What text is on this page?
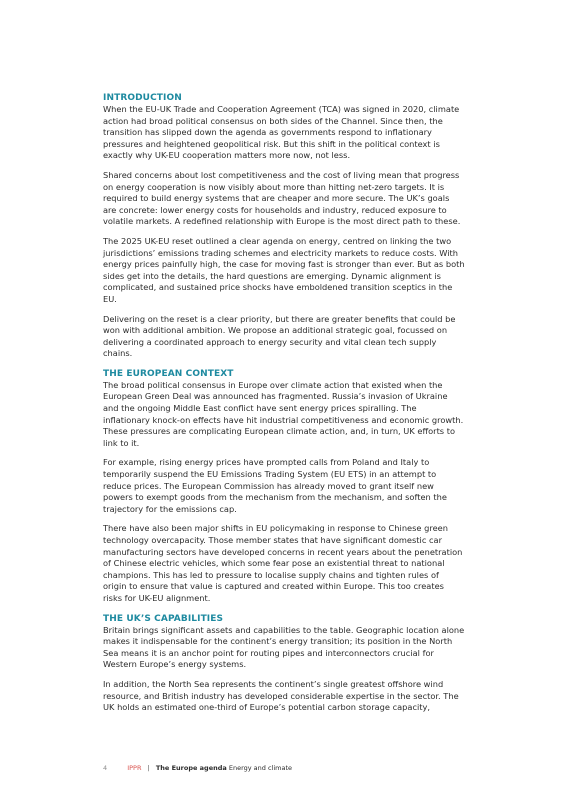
INTRODUCTION

When the EU-UK Trade and Cooperation Agreement (TCA) was signed in 2020, climate action had broad political consensus on both sides of the Channel. Since then, the transition has slipped down the agenda as governments respond to inflationary pressures and heightened geopolitical risk. But this shift in the political context is exactly why UK-EU cooperation matters more now, not less.

Shared concerns about lost competitiveness and the cost of living mean that progress on energy cooperation is now visibly about more than hitting net-zero targets. It is required to build energy systems that are cheaper and more secure. The UK’s goals are concrete: lower energy costs for households and industry, reduced exposure to volatile markets. A redefined relationship with Europe is the most direct path to these.

The 2025 UK-EU reset outlined a clear agenda on energy, centred on linking the two jurisdictions’ emissions trading schemes and electricity markets to reduce costs. With energy prices painfully high, the case for moving fast is stronger than ever. But as both sides get into the details, the hard questions are emerging. Dynamic alignment is complicated, and sustained price shocks have emboldened transition sceptics in the EU.

Delivering on the reset is a clear priority, but there are greater benefits that could be won with additional ambition. We propose an additional strategic goal, focussed on delivering a coordinated approach to energy security and vital clean tech supply chains.

THE EUROPEAN CONTEXT

The broad political consensus in Europe over climate action that existed when the European Green Deal was announced has fragmented. Russia’s invasion of Ukraine and the ongoing Middle East conflict have sent energy prices spiralling. The inflationary knock-on effects have hit industrial competitiveness and economic growth. These pressures are complicating European climate action, and, in turn, UK efforts to link to it.

For example, rising energy prices have prompted calls from Poland and Italy to temporarily suspend the EU Emissions Trading System (EU ETS) in an attempt to reduce prices. The European Commission has already moved to grant itself new powers to exempt goods from the mechanism from the mechanism, and soften the trajectory for the emissions cap.

There have also been major shifts in EU policymaking in response to Chinese green technology overcapacity. Those member states that have significant domestic car manufacturing sectors have developed concerns in recent years about the penetration of Chinese electric vehicles, which some fear pose an existential threat to national champions. This has led to pressure to localise supply chains and tighten rules of origin to ensure that value is captured and created within Europe. This too creates risks for UK-EU alignment.

THE UK’S CAPABILITIES

Britain brings significant assets and capabilities to the table. Geographic location alone makes it indispensable for the continent’s energy transition; its position in the North Sea means it is an anchor point for routing pipes and interconnectors crucial for Western Europe’s energy systems.

In addition, the North Sea represents the continent’s single greatest offshore wind resource, and British industry has developed considerable expertise in the sector. The UK holds an estimated one-third of Europe’s potential carbon storage capacity,

4	IPPR | The Europe agenda Energy and climate
